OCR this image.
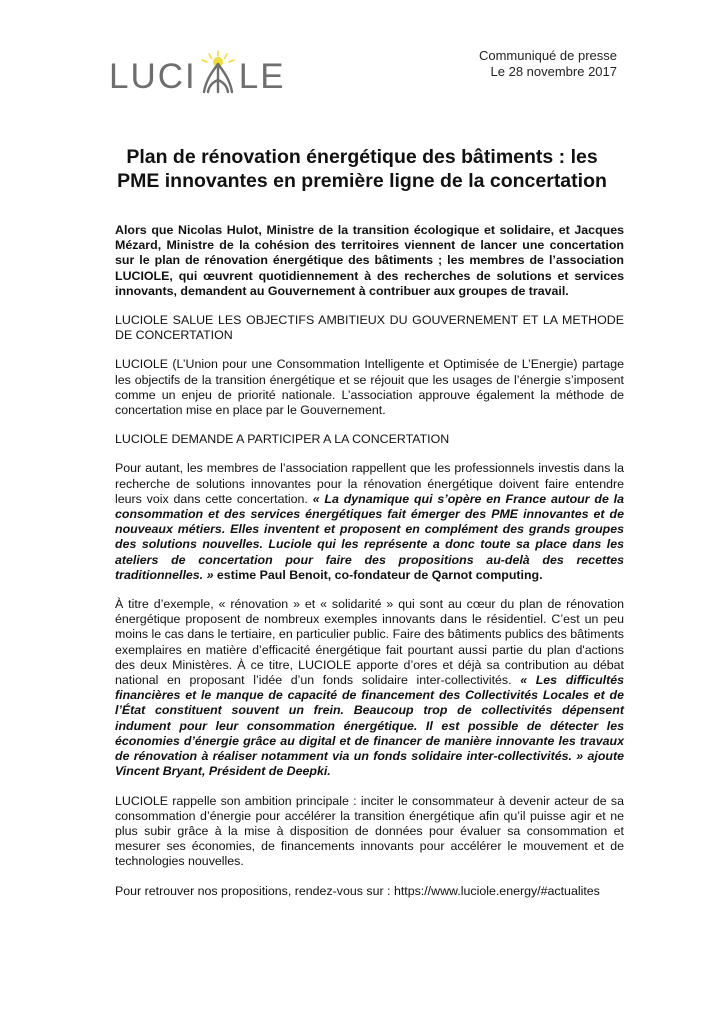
LUCI LE
Communiqué de presse
Le 28 novembre 2017
Plan de rénovation énergétique des bâtiments : les
PME innovantes en première ligne de la concertation

Alors que Nicolas Hulot, Ministre de la transition écologique et solidaire, et Jacques Mézard, Ministre de la cohésion des territoires viennent de lancer une concertation sur le plan de rénovation énergétique des bâtiments ; les membres de l’association LUCIOLE, qui œuvrent quotidiennement à des recherches de solutions et services innovants, demandent au Gouvernement à contribuer aux groupes de travail.

LUCIOLE SALUE LES OBJECTIFS AMBITIEUX DU GOUVERNEMENT ET LA METHODE DE CONCERTATION

LUCIOLE (L’Union pour une Consommation Intelligente et Optimisée de L’Energie) partage les objectifs de la transition énergétique et se réjouit que les usages de l’énergie s’imposent comme un enjeu de priorité nationale. L’association approuve également la méthode de concertation mise en place par le Gouvernement.

LUCIOLE DEMANDE A PARTICIPER A LA CONCERTATION

Pour autant, les membres de l’association rappellent que les professionnels investis dans la recherche de solutions innovantes pour la rénovation énergétique doivent faire entendre leurs voix dans cette concertation. « La dynamique qui s’opère en France autour de la consommation et des services énergétiques fait émerger des PME innovantes et de nouveaux métiers. Elles inventent et proposent en complément des grands groupes des solutions nouvelles. Luciole qui les représente a donc toute sa place dans les ateliers de concertation pour faire des propositions au-delà des recettes traditionnelles. » estime Paul Benoit, co-fondateur de Qarnot computing.

À titre d’exemple, « rénovation » et « solidarité » qui sont au cœur du plan de rénovation énergétique proposent de nombreux exemples innovants dans le résidentiel. C’est un peu moins le cas dans le tertiaire, en particulier public. Faire des bâtiments publics des bâtiments exemplaires en matière d’efficacité énergétique fait pourtant aussi partie du plan d'actions des deux Ministères. À ce titre, LUCIOLE apporte d’ores et déjà sa contribution au débat national en proposant l’idée d’un fonds solidaire inter-collectivités. « Les difficultés financières et le manque de capacité de financement des Collectivités Locales et de l’État constituent souvent un frein. Beaucoup trop de collectivités dépensent indument pour leur consommation énergétique. Il est possible de détecter les économies d’énergie grâce au digital et de financer de manière innovante les travaux de rénovation à réaliser notamment via un fonds solidaire inter-collectivités. » ajoute Vincent Bryant, Président de Deepki.

LUCIOLE rappelle son ambition principale : inciter le consommateur à devenir acteur de sa consommation d’énergie pour accélérer la transition énergétique afin qu’il puisse agir et ne plus subir grâce à la mise à disposition de données pour évaluer sa consommation et mesurer ses économies, de financements innovants pour accélérer le mouvement et de technologies nouvelles.

Pour retrouver nos propositions, rendez-vous sur : https://www.luciole.energy/#actualites
